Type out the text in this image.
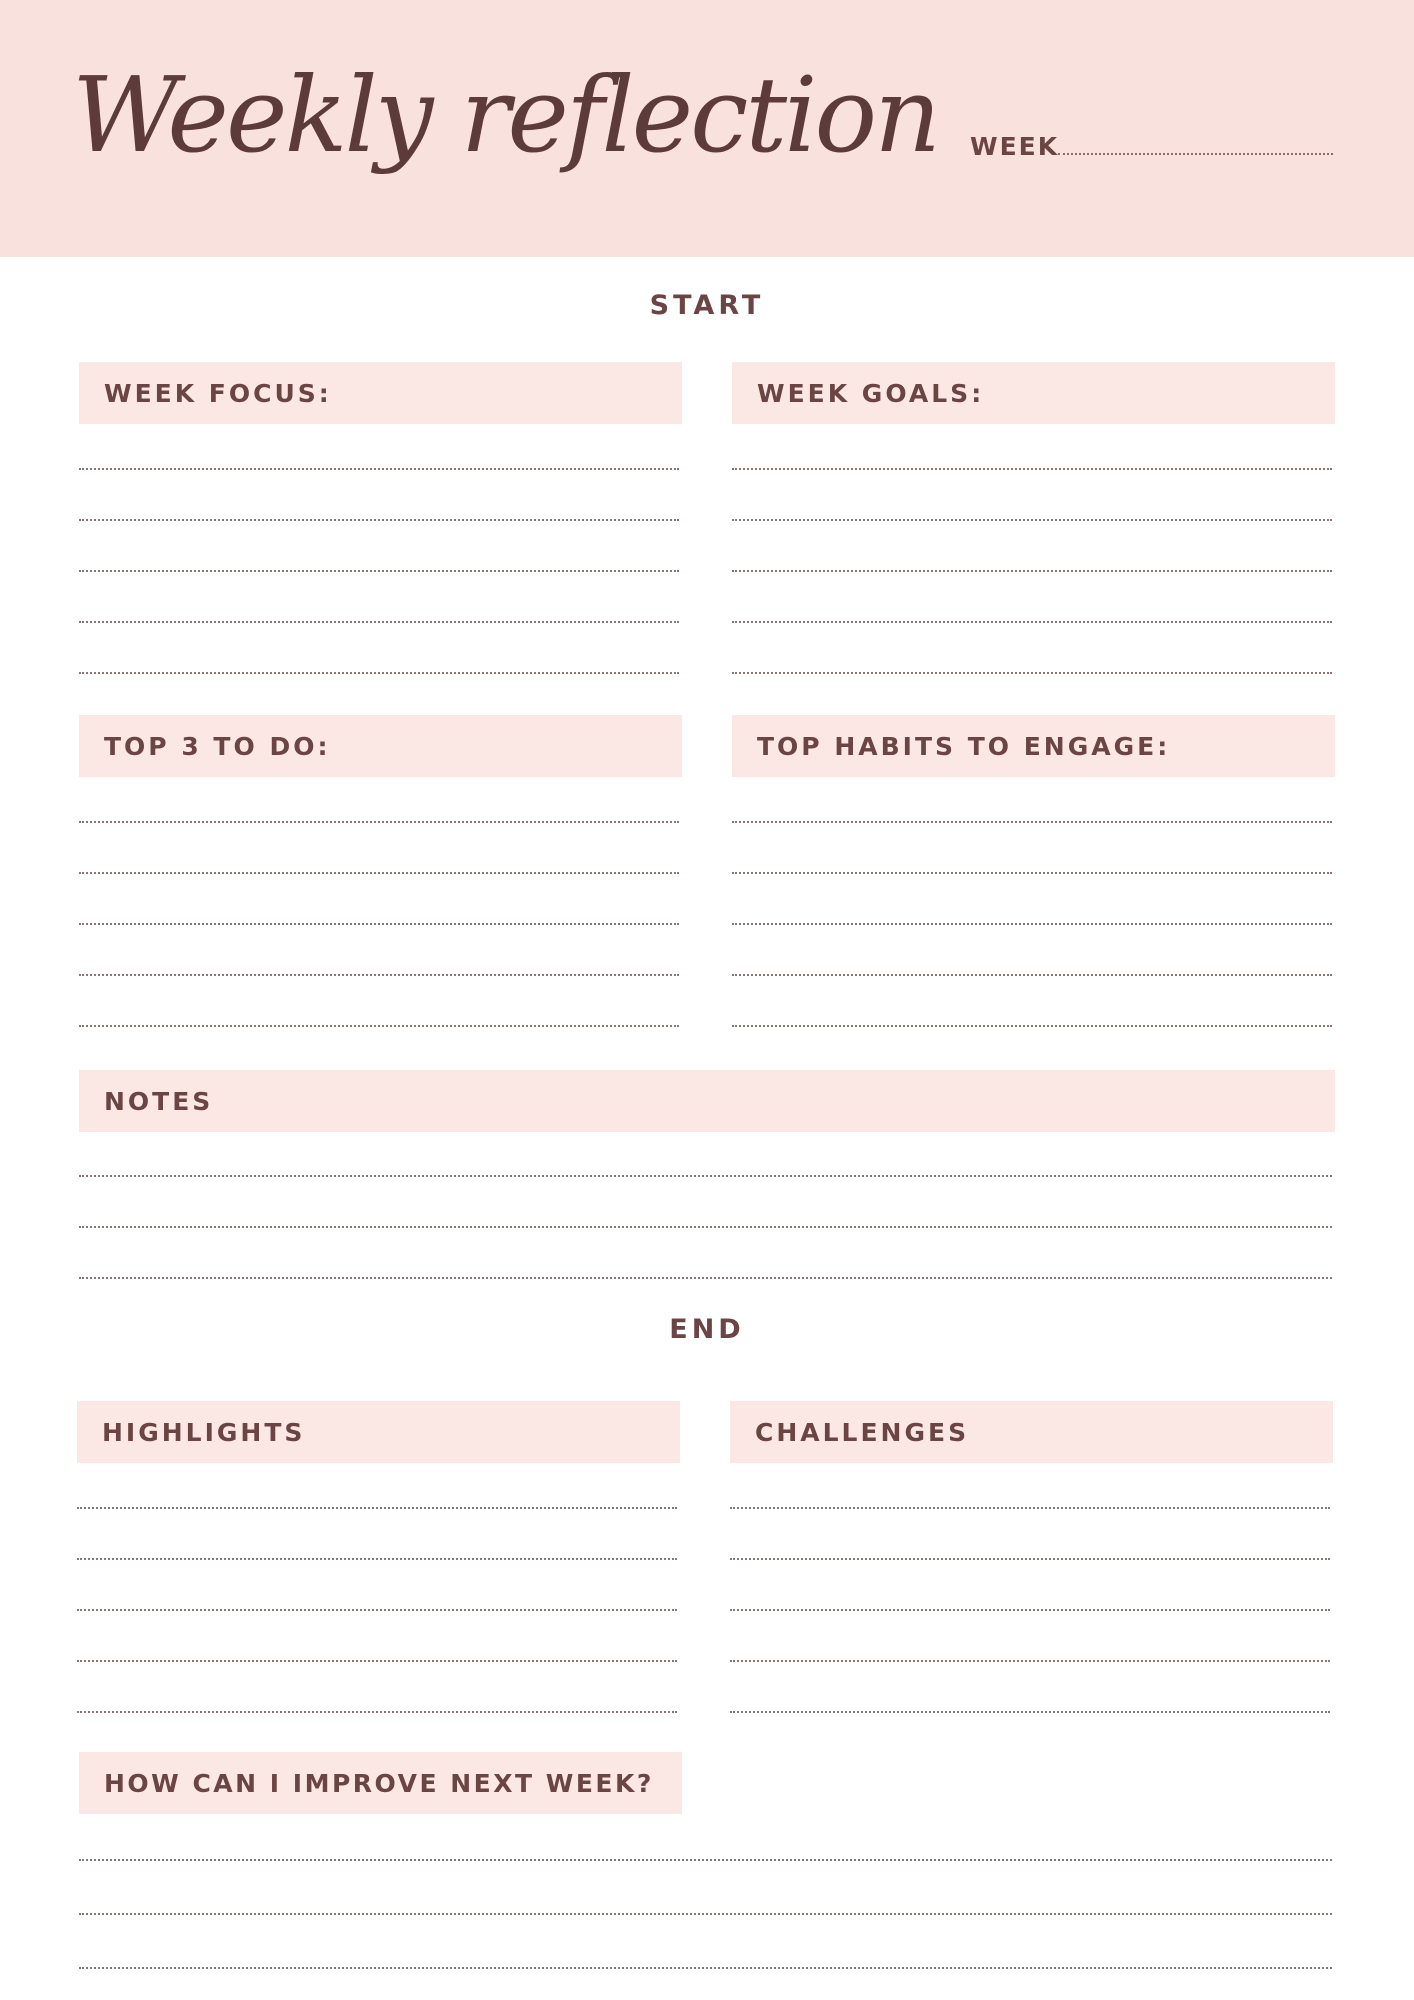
Weekly reflection WEEK
START
WEEK FOCUS:	WEEK GOALS:
TOP 3 TO DO:	TOP HABITS TO ENGAGE:
NOTES
END
HIGHLIGHTS	CHALLENGES
HOW CAN I IMPROVE NEXT WEEK?
